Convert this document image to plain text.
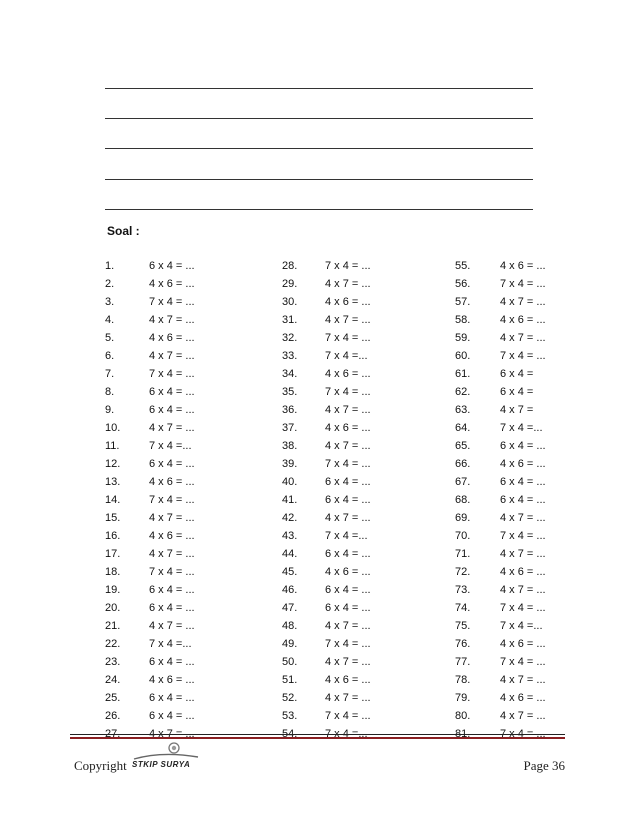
Soal :
1.	6 x 4 = ...
2.	4 x 6 = ...
3.	7 x 4 = ...
4.	4 x 7 = ...
5.	4 x 6 = ...
6.	4 x 7 = ...
7.	7 x 4 = ...
8.	6 x 4 = ...
9.	6 x 4 = ...
10.	4 x 7 = ...
11.	7 x 4 =...
12.	6 x 4 = ...
13.	4 x 6 = ...
14.	7 x 4 = ...
15.	4 x 7 = ...
16.	4 x 6 = ...
17.	4 x 7 = ...
18.	7 x 4 = ...
19.	6 x 4 = ...
20.	6 x 4 = ...
21.	4 x 7 = ...
22.	7 x 4 =...
23.	6 x 4 = ...
24.	4 x 6 = ...
25.	6 x 4 = ...
26.	6 x 4 = ...
27.	4 x 7 = ...
28.	7 x 4 = ...
29.	4 x 7 = ...
30.	4 x 6 = ...
31.	4 x 7 = ...
32.	7 x 4 = ...
33.	7 x 4 =...
34.	4 x 6 = ...
35.	7 x 4 = ...
36.	4 x 7 = ...
37.	4 x 6 = ...
38.	4 x 7 = ...
39.	7 x 4 = ...
40.	6 x 4 = ...
41.	6 x 4 = ...
42.	4 x 7 = ...
43.	7 x 4 =...
44.	6 x 4 = ...
45.	4 x 6 = ...
46.	6 x 4 = ...
47.	6 x 4 = ...
48.	4 x 7 = ...
49.	7 x 4 = ...
50.	4 x 7 = ...
51.	4 x 6 = ...
52.	4 x 7 = ...
53.	7 x 4 = ...
54.	7 x 4 =...
55.	4 x 6 = ...
56.	7 x 4 = ...
57.	4 x 7 = ...
58.	4 x 6 = ...
59.	4 x 7 = ...
60.	7 x 4 = ...
61.	6 x 4 =
62.	6 x 4 =
63.	4 x 7 =
64.	7 x 4 =...
65.	6 x 4 = ...
66.	4 x 6 = ...
67.	6 x 4 = ...
68.	6 x 4 = ...
69.	4 x 7 = ...
70.	7 x 4 = ...
71.	4 x 7 = ...
72.	4 x 6 = ...
73.	4 x 7 = ...
74.	7 x 4 = ...
75.	7 x 4 =...
76.	4 x 6 = ...
77.	7 x 4 = ...
78.	4 x 7 = ...
79.	4 x 6 = ...
80.	4 x 7 = ...
81.	7 x 4 = ...
Copyright STKIP SURYA	Page 36
